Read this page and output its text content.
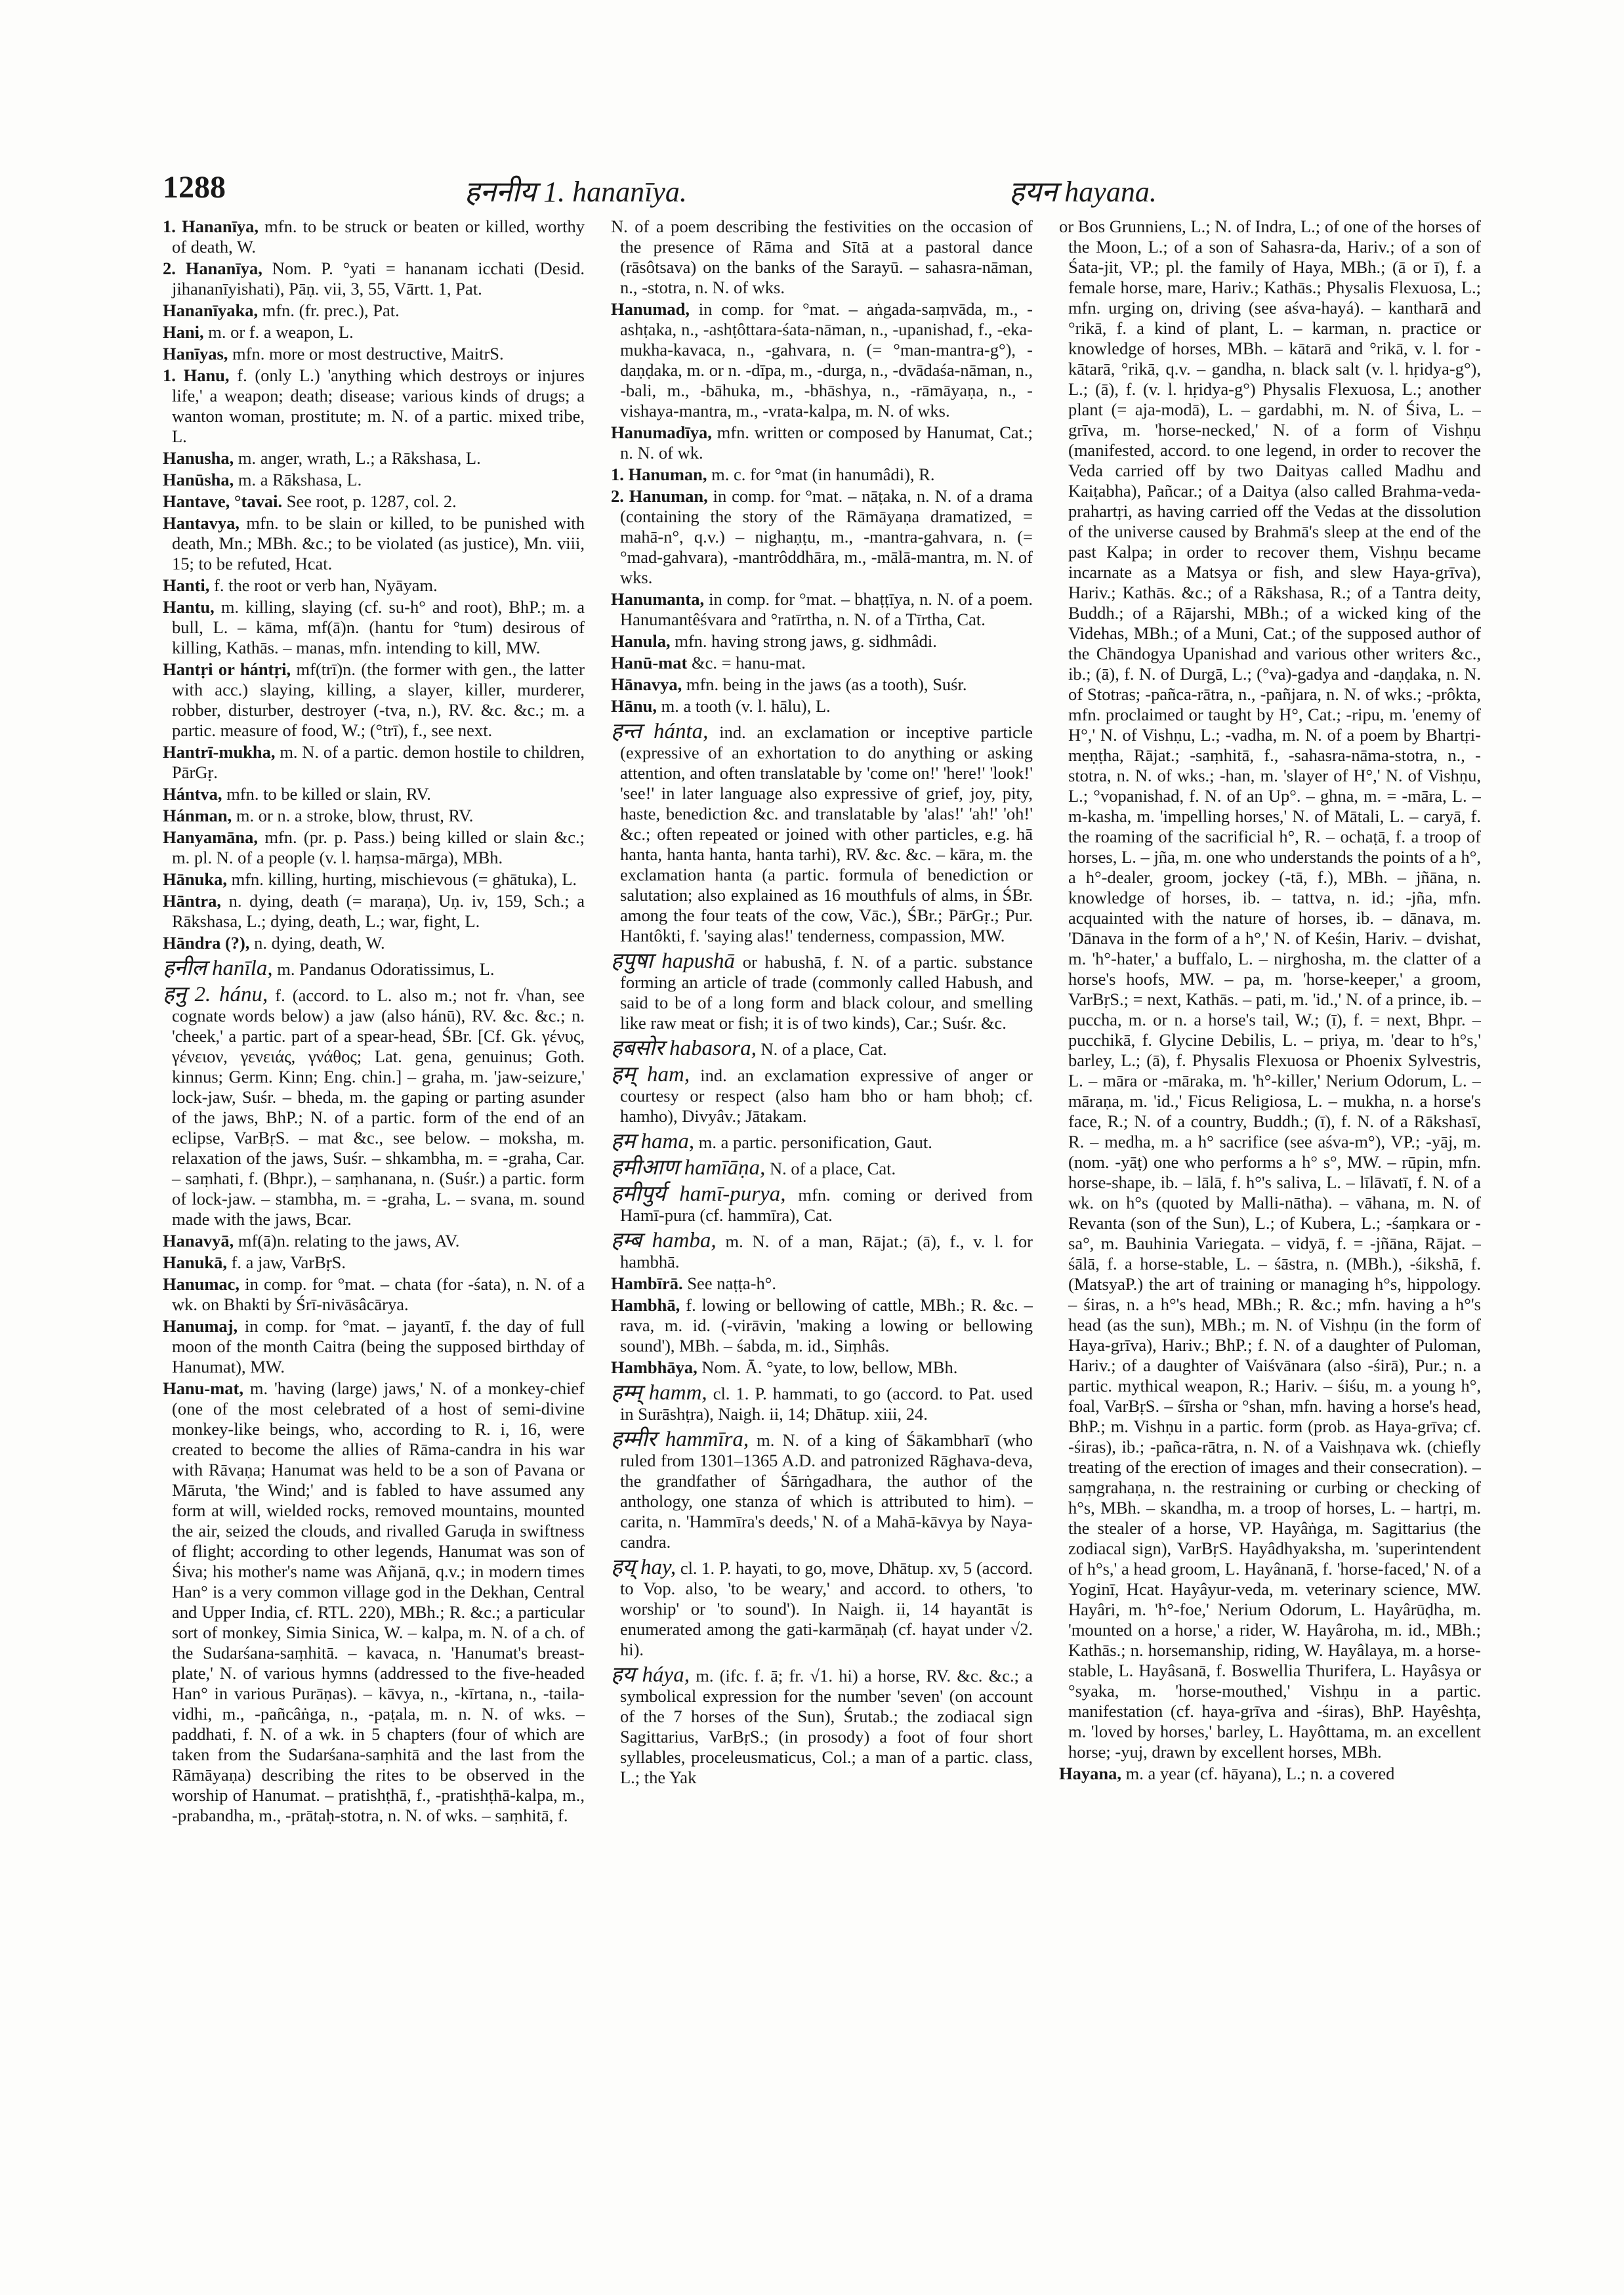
1288	हननीय 1. hananīya.	हयन hayana.

1. Hananīya, mfn. to be struck or beaten or killed, worthy of death, W.

2. Hananīya, Nom. P. °yati = hananam icchati (Desid. jihananīyishati), Pāṇ. vii, 3, 55, Vārtt. 1, Pat.

Hananīyaka, mfn. (fr. prec.), Pat.

Hani, m. or f. a weapon, L.

Hanīyas, mfn. more or most destructive, MaitrS.

1. Hanu, f. (only L.) 'anything which destroys or injures life,' a weapon; death; disease; various kinds of drugs; a wanton woman, prostitute; m. N. of a partic. mixed tribe, L.

Hanusha, m. anger, wrath, L.; a Rākshasa, L.

Hanūsha, m. a Rākshasa, L.

Hantave, °tavai. See root, p. 1287, col. 2.

Hantavya, mfn. to be slain or killed, to be punished with death, Mn.; MBh. &c.; to be violated (as justice), Mn. viii, 15; to be refuted, Hcat.

Hanti, f. the root or verb han, Nyāyam.

Hantu, m. killing, slaying (cf. su-h° and root), BhP.; m. a bull, L. – kāma, mf(ā)n. (hantu for °tum) desirous of killing, Kathās. – manas, mfn. intending to kill, MW.

Hantṛi or hántṛi, mf(trī)n. (the former with gen., the latter with acc.) slaying, killing, a slayer, killer, murderer, robber, disturber, destroyer (-tva, n.), RV. &c. &c.; m. a partic. measure of food, W.; (°trī), f., see next.

Hantrī-mukha, m. N. of a partic. demon hostile to children, PārGṛ.

Hántva, mfn. to be killed or slain, RV.

Hánman, m. or n. a stroke, blow, thrust, RV.

Hanyamāna, mfn. (pr. p. Pass.) being killed or slain &c.; m. pl. N. of a people (v. l. haṃsa-mārga), MBh.

Hānuka, mfn. killing, hurting, mischievous (= ghātuka), L.

Hāntra, n. dying, death (= maraṇa), Uṇ. iv, 159, Sch.; a Rākshasa, L.; dying, death, L.; war, fight, L.

Hāndra (?), n. dying, death, W.

हनील hanīla, m. Pandanus Odoratissimus, L.

हनु 2. hánu, f. (accord. to L. also m.; not fr. √han, see cognate words below) a jaw (also hánū), RV. &c. &c.; n. 'cheek,' a partic. part of a spear-head, ŚBr. [Cf. Gk. γένυς, γένειον, γενειάς, γνάθος; Lat. gena, genuinus; Goth. kinnus; Germ. Kinn; Eng. chin.] – graha, m. 'jaw-seizure,' lock-jaw, Suśr. – bheda, m. the gaping or parting asunder of the jaws, BhP.; N. of a partic. form of the end of an eclipse, VarBṛS. – mat &c., see below. – moksha, m. relaxation of the jaws, Suśr. – shkambha, m. = -graha, Car. – saṃhati, f. (Bhpr.), – saṃhanana, n. (Suśr.) a partic. form of lock-jaw. – stambha, m. = -graha, L. – svana, m. sound made with the jaws, Bcar.

Hanavyā, mf(ā)n. relating to the jaws, AV.

Hanukā, f. a jaw, VarBṛS.

Hanumac, in comp. for °mat. – chata (for -śata), n. N. of a wk. on Bhakti by Śrī-nivāsâcārya.

Hanumaj, in comp. for °mat. – jayantī, f. the day of full moon of the month Caitra (being the supposed birthday of Hanumat), MW.

Hanu-mat, m. 'having (large) jaws,' N. of a monkey-chief (one of the most celebrated of a host of semi-divine monkey-like beings, who, according to R. i, 16, were created to become the allies of Rāma-candra in his war with Rāvaṇa; Hanumat was held to be a son of Pavana or Māruta, 'the Wind;' and is fabled to have assumed any form at will, wielded rocks, removed mountains, mounted the air, seized the clouds, and rivalled Garuḍa in swiftness of flight; according to other legends, Hanumat was son of Śiva; his mother's name was Añjanā, q.v.; in modern times Han° is a very common village god in the Dekhan, Central and Upper India, cf. RTL. 220), MBh.; R. &c.; a particular sort of monkey, Simia Sinica, W. – kalpa, m. N. of a ch. of the Sudarśana-saṃhitā. – kavaca, n. 'Hanumat's breast-plate,' N. of various hymns (addressed to the five-headed Han° in various Purāṇas). – kāvya, n., -kīrtana, n., -taila-vidhi, m., -pañcâṅga, n., -paṭala, m. n. N. of wks. – paddhati, f. N. of a wk. in 5 chapters (four of which are taken from the Sudarśana-saṃhitā and the last from the Rāmāyaṇa) describing the rites to be observed in the worship of Hanumat. – pratishṭhā, f., -pratishṭhā-kalpa, m., -prabandha, m., -prātaḥ-stotra, n. N. of wks. – saṃhitā, f.

N. of a poem describing the festivities on the occasion of the presence of Rāma and Sītā at a pastoral dance (rāsôtsava) on the banks of the Sarayū. – sahasra-nāman, n., -stotra, n. N. of wks.

Hanumad, in comp. for °mat. – aṅgada-saṃvāda, m., -ashṭaka, n., -ashṭôttara-śata-nāman, n., -upanishad, f., -eka-mukha-kavaca, n., -gahvara, n. (= °man-mantra-g°), -daṇḍaka, m. or n. -dīpa, m., -durga, n., -dvādaśa-nāman, n., -bali, m., -bāhuka, m., -bhāshya, n., -rāmāyaṇa, n., -vishaya-mantra, m., -vrata-kalpa, m. N. of wks.

Hanumadīya, mfn. written or composed by Hanumat, Cat.; n. N. of wk.

1. Hanuman, m. c. for °mat (in hanumâdi), R.

2. Hanuman, in comp. for °mat. – nāṭaka, n. N. of a drama (containing the story of the Rāmāyaṇa dramatized, = mahā-n°, q.v.) – nighaṇṭu, m., -mantra-gahvara, n. (= °mad-gahvara), -mantrôddhāra, m., -mālā-mantra, m. N. of wks.

Hanumanta, in comp. for °mat. – bhaṭṭīya, n. N. of a poem. Hanumantêśvara and °ratīrtha, n. N. of a Tīrtha, Cat.

Hanula, mfn. having strong jaws, g. sidhmâdi.

Hanū-mat &c. = hanu-mat.

Hānavya, mfn. being in the jaws (as a tooth), Suśr.

Hānu, m. a tooth (v. l. hālu), L.

हन्त hánta, ind. an exclamation or inceptive particle (expressive of an exhortation to do anything or asking attention, and often translatable by 'come on!' 'here!' 'look!' 'see!' in later language also expressive of grief, joy, pity, haste, benediction &c. and translatable by 'alas!' 'ah!' 'oh!' &c.; often repeated or joined with other particles, e.g. hā hanta, hanta hanta, hanta tarhi), RV. &c. &c. – kāra, m. the exclamation hanta (a partic. formula of benediction or salutation; also explained as 16 mouthfuls of alms, in ŚBr. among the four teats of the cow, Vāc.), ŚBr.; PārGṛ.; Pur. Hantôkti, f. 'saying alas!' tenderness, compassion, MW.

हपुषा hapushā or habushā, f. N. of a partic. substance forming an article of trade (commonly called Habush, and said to be of a long form and black colour, and smelling like raw meat or fish; it is of two kinds), Car.; Suśr. &c.

हबसोर habasora, N. of a place, Cat.

हम् ham, ind. an exclamation expressive of anger or courtesy or respect (also ham bho or ham bhoḥ; cf. hamho), Divyâv.; Jātakam.

हम hama, m. a partic. personification, Gaut.

हमीआण hamīāṇa, N. of a place, Cat.

हमीपुर्य hamī-purya, mfn. coming or derived from Hamī-pura (cf. hammīra), Cat.

हम्ब hamba, m. N. of a man, Rājat.; (ā), f., v. l. for hambhā.

Hambīrā. See naṭṭa-h°.

Hambhā, f. lowing or bellowing of cattle, MBh.; R. &c. – rava, m. id. (-virāvin, 'making a lowing or bellowing sound'), MBh. – śabda, m. id., Siṃhâs.

Hambhāya, Nom. Ā. °yate, to low, bellow, MBh.

हम्म् hamm, cl. 1. P. hammati, to go (accord. to Pat. used in Surāshṭra), Naigh. ii, 14; Dhātup. xiii, 24.

हम्मीर hammīra, m. N. of a king of Śākambharī (who ruled from 1301–1365 A.D. and patronized Rāghava-deva, the grandfather of Śārṅgadhara, the author of the anthology, one stanza of which is attributed to him). – carita, n. 'Hammīra's deeds,' N. of a Mahā-kāvya by Naya-candra.

हय् hay, cl. 1. P. hayati, to go, move, Dhātup. xv, 5 (accord. to Vop. also, 'to be weary,' and accord. to others, 'to worship' or 'to sound'). In Naigh. ii, 14 hayantāt is enumerated among the gati-karmāṇaḥ (cf. hayat under √2. hi).

हय háya, m. (ifc. f. ā; fr. √1. hi) a horse, RV. &c. &c.; a symbolical expression for the number 'seven' (on account of the 7 horses of the Sun), Śrutab.; the zodiacal sign Sagittarius, VarBṛS.; (in prosody) a foot of four short syllables, proceleusmaticus, Col.; a man of a partic. class, L.; the Yak

or Bos Grunniens, L.; N. of Indra, L.; of one of the horses of the Moon, L.; of a son of Sahasra-da, Hariv.; of a son of Śata-jit, VP.; pl. the family of Haya, MBh.; (ā or ī), f. a female horse, mare, Hariv.; Kathās.; Physalis Flexuosa, L.; mfn. urging on, driving (see aśva-hayá). – kantharā and °rikā, f. a kind of plant, L. – karman, n. practice or knowledge of horses, MBh. – kātarā and °rikā, v. l. for -kātarā, °rikā, q.v. – gandha, n. black salt (v. l. hṛidya-g°), L.; (ā), f. (v. l. hṛidya-g°) Physalis Flexuosa, L.; another plant (= aja-modā), L. – gardabhi, m. N. of Śiva, L. – grīva, m. 'horse-necked,' N. of a form of Vishṇu (manifested, accord. to one legend, in order to recover the Veda carried off by two Daityas called Madhu and Kaiṭabha), Pañcar.; of a Daitya (also called Brahma-veda-prahartṛi, as having carried off the Vedas at the dissolution of the universe caused by Brahmā's sleep at the end of the past Kalpa; in order to recover them, Vishṇu became incarnate as a Matsya or fish, and slew Haya-grīva), Hariv.; Kathās. &c.; of a Rākshasa, R.; of a Tantra deity, Buddh.; of a Rājarshi, MBh.; of a wicked king of the Videhas, MBh.; of a Muni, Cat.; of the supposed author of the Chāndogya Upanishad and various other writers &c., ib.; (ā), f. N. of Durgā, L.; (°va)-gadya and -daṇḍaka, n. N. of Stotras; -pañca-rātra, n., -pañjara, n. N. of wks.; -prôkta, mfn. proclaimed or taught by H°, Cat.; -ripu, m. 'enemy of H°,' N. of Vishṇu, L.; -vadha, m. N. of a poem by Bhartṛi-meṇṭha, Rājat.; -saṃhitā, f., -sahasra-nāma-stotra, n., -stotra, n. N. of wks.; -han, m. 'slayer of H°,' N. of Vishṇu, L.; °vopanishad, f. N. of an Up°. – ghna, m. = -māra, L. – m-kasha, m. 'impelling horses,' N. of Mātali, L. – caryā, f. the roaming of the sacrificial h°, R. – ochaṭā, f. a troop of horses, L. – jña, m. one who understands the points of a h°, a h°-dealer, groom, jockey (-tā, f.), MBh. – jñāna, n. knowledge of horses, ib. – tattva, n. id.; -jña, mfn. acquainted with the nature of horses, ib. – dānava, m. 'Dānava in the form of a h°,' N. of Keśin, Hariv. – dvishat, m. 'h°-hater,' a buffalo, L. – nirghosha, m. the clatter of a horse's hoofs, MW. – pa, m. 'horse-keeper,' a groom, VarBṛS.; = next, Kathās. – pati, m. 'id.,' N. of a prince, ib. – puccha, m. or n. a horse's tail, W.; (ī), f. = next, Bhpr. – pucchikā, f. Glycine Debilis, L. – priya, m. 'dear to h°s,' barley, L.; (ā), f. Physalis Flexuosa or Phoenix Sylvestris, L. – māra or -māraka, m. 'h°-killer,' Nerium Odorum, L. – māraṇa, m. 'id.,' Ficus Religiosa, L. – mukha, n. a horse's face, R.; N. of a country, Buddh.; (ī), f. N. of a Rākshasī, R. – medha, m. a h° sacrifice (see aśva-m°), VP.; -yāj, m. (nom. -yāṭ) one who performs a h° s°, MW. – rūpin, mfn. horse-shape, ib. – lālā, f. h°'s saliva, L. – līlāvatī, f. N. of a wk. on h°s (quoted by Malli-nātha). – vāhana, m. N. of Revanta (son of the Sun), L.; of Kubera, L.; -śaṃkara or -sa°, m. Bauhinia Variegata. – vidyā, f. = -jñāna, Rājat. – śālā, f. a horse-stable, L. – śāstra, n. (MBh.), -śikshā, f. (MatsyaP.) the art of training or managing h°s, hippology. – śiras, n. a h°'s head, MBh.; R. &c.; mfn. having a h°'s head (as the sun), MBh.; m. N. of Vishṇu (in the form of Haya-grīva), Hariv.; BhP.; f. N. of a daughter of Puloman, Hariv.; of a daughter of Vaiśvānara (also -śirā), Pur.; n. a partic. mythical weapon, R.; Hariv. – śiśu, m. a young h°, foal, VarBṛS. – śīrsha or °shan, mfn. having a horse's head, BhP.; m. Vishṇu in a partic. form (prob. as Haya-grīva; cf. -śiras), ib.; -pañca-rātra, n. N. of a Vaishṇava wk. (chiefly treating of the erection of images and their consecration). – saṃgrahaṇa, n. the restraining or curbing or checking of h°s, MBh. – skandha, m. a troop of horses, L. – hartṛi, m. the stealer of a horse, VP. Hayâṅga, m. Sagittarius (the zodiacal sign), VarBṛS. Hayâdhyaksha, m. 'superintendent of h°s,' a head groom, L. Hayânanā, f. 'horse-faced,' N. of a Yoginī, Hcat. Hayâyur-veda, m. veterinary science, MW. Hayâri, m. 'h°-foe,' Nerium Odorum, L. Hayârūḍha, m. 'mounted on a horse,' a rider, W. Hayâroha, m. id., MBh.; Kathās.; n. horsemanship, riding, W. Hayâlaya, m. a horse-stable, L. Hayâsanā, f. Boswellia Thurifera, L. Hayâsya or °syaka, m. 'horse-mouthed,' Vishṇu in a partic. manifestation (cf. haya-grīva and -śiras), BhP. Hayêshṭa, m. 'loved by horses,' barley, L. Hayôttama, m. an excellent horse; -yuj, drawn by excellent horses, MBh.

Hayana, m. a year (cf. hāyana), L.; n. a covered
